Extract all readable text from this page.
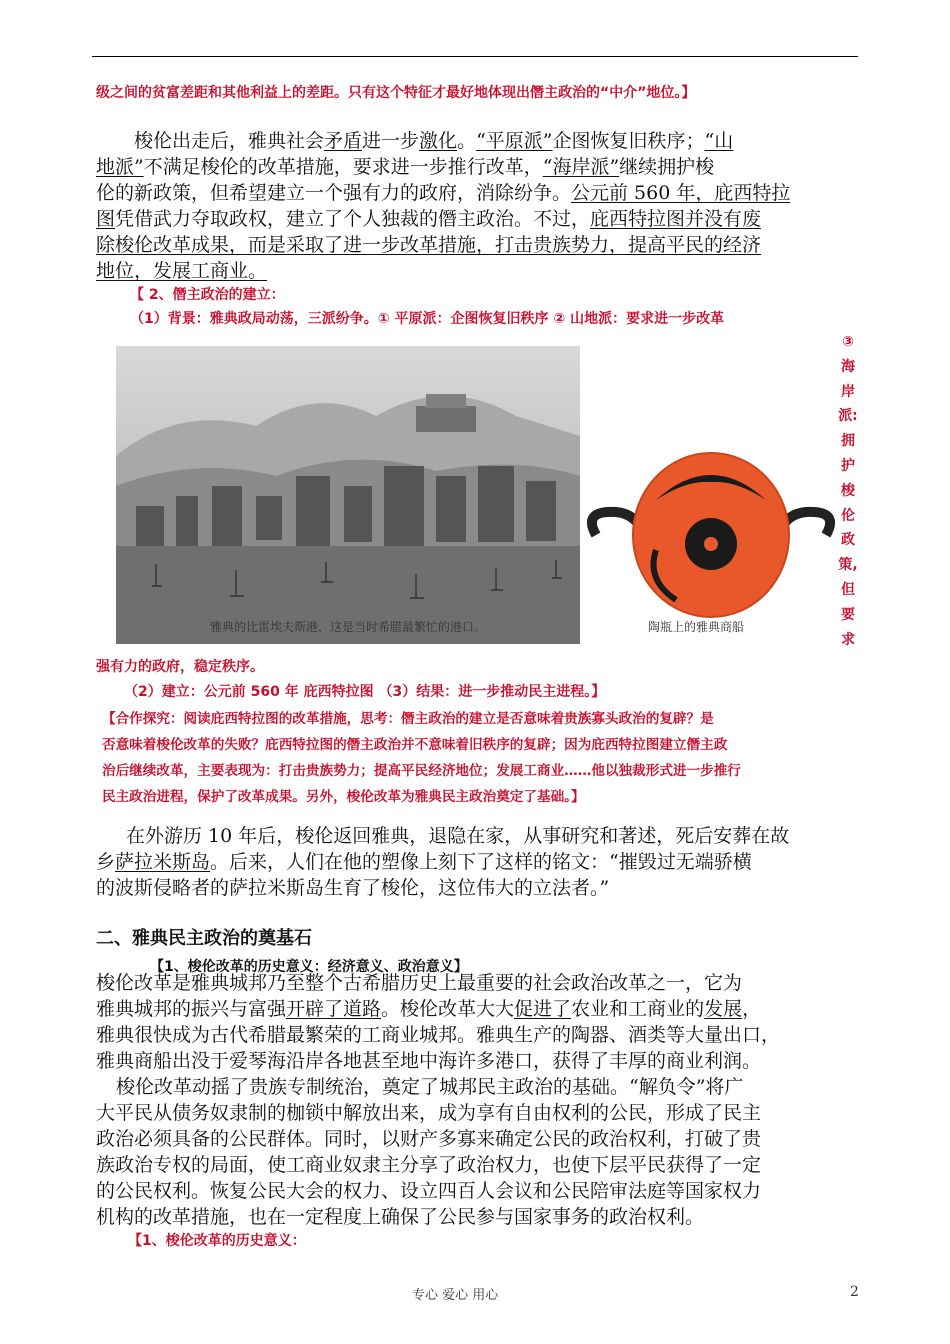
级之间的贫富差距和其他利益上的差距。只有这个特征才最好地体现出僭主政治的“中介”地位。】
梭伦出走后，雅典社会矛盾进一步激化。“平原派”企图恢复旧秩序；“山
地派”不满足梭伦的改革措施，要求进一步推行改革，“海岸派”继续拥护梭
伦的新政策，但希望建立一个强有力的政府，消除纷争。公元前 560 年，庇西特拉
图凭借武力夺取政权，建立了个人独裁的僭主政治。不过，庇西特拉图并没有废
除梭伦改革成果，而是采取了进一步改革措施，打击贵族势力，提高平民的经济
地位，发展工商业。
【 2、僭主政治的建立：
（1）背景：雅典政局动荡，三派纷争。① 平原派：企图恢复旧秩序 ② 山地派：要求进一步改革
雅典的比雷埃夫斯港，这是当时希腊最繁忙的港口。	陶瓶上的雅典商船
③
海
岸
派:
拥
护
梭
伦
政
策,
但
要
求
强有力的政府，稳定秩序。
（2）建立：公元前 560 年 庇西特拉图 （3）结果：进一步推动民主进程。】
【合作探究：阅读庇西特拉图的改革措施，思考：僭主政治的建立是否意味着贵族寡头政治的复辟？是
否意味着梭伦改革的失败？庇西特拉图的僭主政治并不意味着旧秩序的复辟；因为庇西特拉图建立僭主政
治后继续改革，主要表现为：打击贵族势力；提高平民经济地位；发展工商业……他以独裁形式进一步推行
民主政治进程，保护了改革成果。另外，梭伦改革为雅典民主政治奠定了基础。】
在外游历 10 年后，梭伦返回雅典，退隐在家，从事研究和著述，死后安葬在故
乡萨拉米斯岛。后来，人们在他的塑像上刻下了这样的铭文：“摧毁过无端骄横
的波斯侵略者的萨拉米斯岛生育了梭伦，这位伟大的立法者。”
二、雅典民主政治的奠基石
【1、梭伦改革的历史意义：经济意义、政治意义】
梭伦改革是雅典城邦乃至整个古希腊历史上最重要的社会政治改革之一，它为
雅典城邦的振兴与富强开辟了道路。梭伦改革大大促进了农业和工商业的发展，
雅典很快成为古代希腊最繁荣的工商业城邦。雅典生产的陶器、酒类等大量出口，
雅典商船出没于爱琴海沿岸各地甚至地中海许多港口，获得了丰厚的商业利润。
梭伦改革动摇了贵族专制统治，奠定了城邦民主政治的基础。“解负令”将广
大平民从债务奴隶制的枷锁中解放出来，成为享有自由权利的公民，形成了民主
政治必须具备的公民群体。同时，以财产多寡来确定公民的政治权利，打破了贵
族政治专权的局面，使工商业奴隶主分享了政治权力，也使下层平民获得了一定
的公民权利。恢复公民大会的权力、设立四百人会议和公民陪审法庭等国家权力
机构的改革措施，也在一定程度上确保了公民参与国家事务的政治权利。
【1、梭伦改革的历史意义：
专心 爱心 用心	2
